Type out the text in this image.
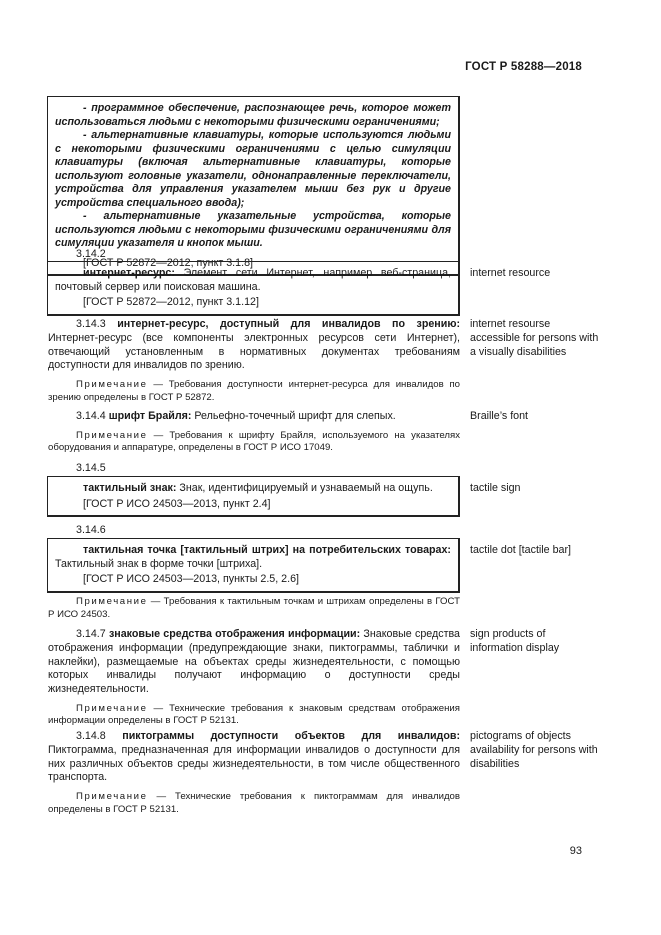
ГОСТ Р 58288—2018

- программное обеспечение, распознающее речь, которое может использоваться людьми с некоторыми физическими ограничениями;

- альтернативные клавиатуры, которые используются людьми с некоторыми физическими ограничениями с целью симуляции клавиатуры (включая альтернативные клавиатуры, которые используют головные указатели, однонаправленные переключатели, устройства для управления указателем мыши без рук и другие устройства специального ввода);

- альтернативные указательные устройства, которые используются людьми с некоторыми физическими ограничениями для симуляции указателя и кнопок мыши.

[ГОСТ Р 52872—2012, пункт 3.1.8]

3.14.2

интернет-ресурс: Элемент сети Интернет, например веб-страница, почтовый сервер или поисковая машина.

[ГОСТ Р 52872—2012, пункт 3.1.12]

internet resource

3.14.3 интернет-ресурс, доступный для инвалидов по зрению: Интернет-ресурс (все компоненты электронных ресурсов сети Интернет), отвечающий установленным в нормативных документах требованиям доступности для инвалидов по зрению.

Примечание — Требования доступности интернет-ресурса для инвалидов по зрению определены в ГОСТ Р 52872.

internet resourse accessible for persons with a visually disabilities

3.14.4 шрифт Брайля: Рельефно-точечный шрифт для слепых.

Примечание — Требования к шрифту Брайля, используемого на указателях оборудования и аппаратуре, определены в ГОСТ Р ИСО 17049.

Braille’s font
3.14.5

тактильный знак: Знак, идентифицируемый и узнаваемый на ощупь.

[ГОСТ Р ИСО 24503—2013, пункт 2.4]

tactile sign
3.14.6

тактильная точка [тактильный штрих] на потребительских товарах: Тактильный знак в форме точки [штриха].

[ГОСТ Р ИСО 24503—2013, пункты 2.5, 2.6]

tactile dot [tactile bar]

Примечание — Требования к тактильным точкам и штрихам определены в ГОСТ Р ИСО 24503.

3.14.7 знаковые средства отображения информации: Знаковые средства отображения информации (предупреждающие знаки, пиктограммы, таблички и наклейки), размещаемые на объектах среды жизнедеятельности, с помощью которых инвалиды получают информацию о доступности среды жизнедеятельности.

Примечание — Технические требования к знаковым средствам отображения информации определены в ГОСТ Р 52131.

sign products of information display

3.14.8 пиктограммы доступности объектов для инвалидов: Пиктограмма, предназначенная для информации инвалидов о доступности для них различных объектов среды жизнедеятельности, в том числе общественного транспорта.

Примечание — Технические требования к пиктограммам для инвалидов определены в ГОСТ Р 52131.

pictograms of objects availability for persons with disabilities
93
